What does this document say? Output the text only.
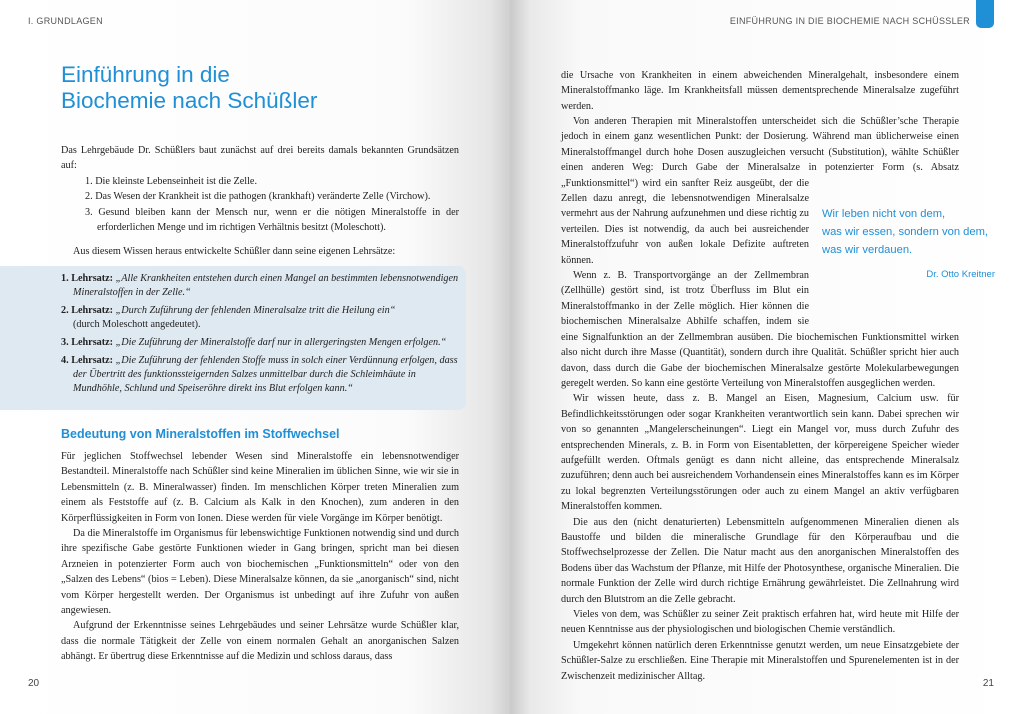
I. GRUNDLAGEN
Einführung in die
Biochemie nach Schüßler

Das Lehrgebäude Dr. Schüßlers baut zunächst auf drei bereits damals bekannten Grundsätzen auf:

1. Die kleinste Lebenseinheit ist die Zelle.
2. Das Wesen der Krankheit ist die pathogen (krankhaft) veränderte Zelle (Virchow).
3. Gesund bleiben kann der Mensch nur, wenn er die nötigen Mineralstoffe in der erforderlichen Menge und im richtigen Verhältnis besitzt (Moleschott).

Aus diesem Wissen heraus entwickelte Schüßler dann seine eigenen Lehrsätze:

1. Lehrsatz: „Alle Krankheiten entstehen durch einen Mangel an bestimmten lebensnotwendigen Mineralstoffen in der Zelle.“
2. Lehrsatz: „Durch Zuführung der fehlenden Mineralsalze tritt die Heilung ein“
(durch Moleschott angedeutet).
3. Lehrsatz: „Die Zuführung der Mineralstoffe darf nur in allergeringsten Mengen erfolgen.“
4. Lehrsatz: „Die Zuführung der fehlenden Stoffe muss in solch einer Verdünnung erfolgen, dass der Übertritt des funktionssteigernden Salzes unmittelbar durch die Schleimhäute in Mundhöhle, Schlund und Speiseröhre direkt ins Blut erfolgen kann.“
Bedeutung von Mineralstoffen im Stoffwechsel

Für jeglichen Stoffwechsel lebender Wesen sind Mineralstoffe ein lebensnotwendiger Bestandteil. Mineralstoffe nach Schüßler sind keine Mineralien im üblichen Sinne, wie wir sie in Lebensmitteln (z. B. Mineralwasser) finden. Im menschlichen Körper treten Mineralien zum einem als Feststoffe auf (z. B. Calcium als Kalk in den Knochen), zum anderen in den Körperflüssigkeiten in Form von Ionen. Diese werden für viele Vorgänge im Körper benötigt.

Da die Mineralstoffe im Organismus für lebenswichtige Funktionen notwendig sind und durch ihre spezifische Gabe gestörte Funktionen wieder in Gang bringen, spricht man bei diesen Arzneien in potenzierter Form auch von biochemischen „Funktionsmitteln“ oder von den „Salzen des Lebens“ (bios = Leben). Diese Mineralsalze können, da sie „anorganisch“ sind, nicht vom Körper hergestellt werden. Der Organismus ist unbedingt auf ihre Zufuhr von außen angewiesen.

Aufgrund der Erkenntnisse seines Lehrgebäudes und seiner Lehrsätze wurde Schüßler klar, dass die normale Tätigkeit der Zelle von einem normalen Gehalt an anorganischen Salzen abhängt. Er übertrug diese Erkenntnisse auf die Medizin und schloss daraus, dass

20
EINFÜHRUNG IN DIE BIOCHEMIE NACH SCHÜSSLER
21

die Ursache von Krankheiten in einem abweichenden Mineralgehalt, insbesondere einem Mineralstoffmanko läge. Im Krankheitsfall müssen dementsprechende Mineralsalze zugeführt werden.

Von anderen Therapien mit Mineralstoffen unterscheidet sich die Schüßler’sche Therapie jedoch in einem ganz wesentlichen Punkt: der Dosierung. Während man üblicherweise einen Mineralstoffmangel durch hohe Dosen auszugleichen versucht (Substitution), wählte Schüßler einen anderen Weg: Durch Gabe der Mineralsalze in potenzierter Form (s. Absatz „Funktionsmittel“) wird ein sanfter Reiz ausgeübt, der die Zellen dazu anregt, die lebensnotwendigen Mineralsalze vermehrt aus der Nahrung aufzunehmen und diese richtig zu verteilen. Dies ist notwendig, da auch bei ausreichender Mineralstoffzufuhr von außen lokale Defizite auftreten können.

Wenn z. B. Transportvorgänge an der Zellmembran (Zellhülle) gestört sind, ist trotz Überfluss im Blut ein Mineralstoffmanko in der Zelle möglich. Hier können die biochemischen Mineralsalze Abhilfe schaffen, indem sie eine Signalfunktion an der Zellmembran ausüben. Die biochemischen Funktionsmittel wirken also nicht durch ihre Masse (Quantität), sondern durch ihre Qualität. Schüßler spricht hier auch davon, dass durch die Gabe der biochemischen Mineralsalze gestörte Molekularbewegungen geregelt werden. So kann eine gestörte Verteilung von Mineralstoffen ausgeglichen werden.

Wir wissen heute, dass z. B. Mangel an Eisen, Magnesium, Calcium usw. für Befindlichkeitsstörungen oder sogar Krankheiten verantwortlich sein kann. Dabei sprechen wir von so genannten „Mangelerscheinungen“. Liegt ein Mangel vor, muss durch Zufuhr des entsprechenden Minerals, z. B. in Form von Eisentabletten, der körpereigene Speicher wieder aufgefüllt werden. Oftmals genügt es dann nicht alleine, das entsprechende Mineralsalz zuzuführen; denn auch bei ausreichendem Vorhandensein eines Mineralstoffes kann es im Körper zu lokal begrenzten Verteilungsstörungen oder auch zu einem Mangel an aktiv verfügbaren Mineralstoffen kommen.

Die aus den (nicht denaturierten) Lebensmitteln aufgenommenen Mineralien dienen als Baustoffe und bilden die mineralische Grundlage für den Körperaufbau und die Stoffwechselprozesse der Zellen. Die Natur macht aus den anorganischen Mineralstoffen des Bodens über das Wachstum der Pflanze, mit Hilfe der Photosynthese, organische Mineralien. Die normale Funktion der Zelle wird durch richtige Ernährung gewährleistet. Die Zellnahrung wird durch den Blutstrom an die Zelle gebracht.

Vieles von dem, was Schüßler zu seiner Zeit praktisch erfahren hat, wird heute mit Hilfe der neuen Kenntnisse aus der physiologischen und biologischen Chemie verständlich.

Umgekehrt können natürlich deren Erkenntnisse genutzt werden, um neue Einsatzgebiete der Schüßler-Salze zu erschließen. Eine Therapie mit Mineralstoffen und Spurenelementen ist in der Zwischenzeit medizinischer Alltag.

Wir leben nicht von dem,
was wir essen, sondern von dem,
was wir verdauen.
Dr. Otto Kreitner
